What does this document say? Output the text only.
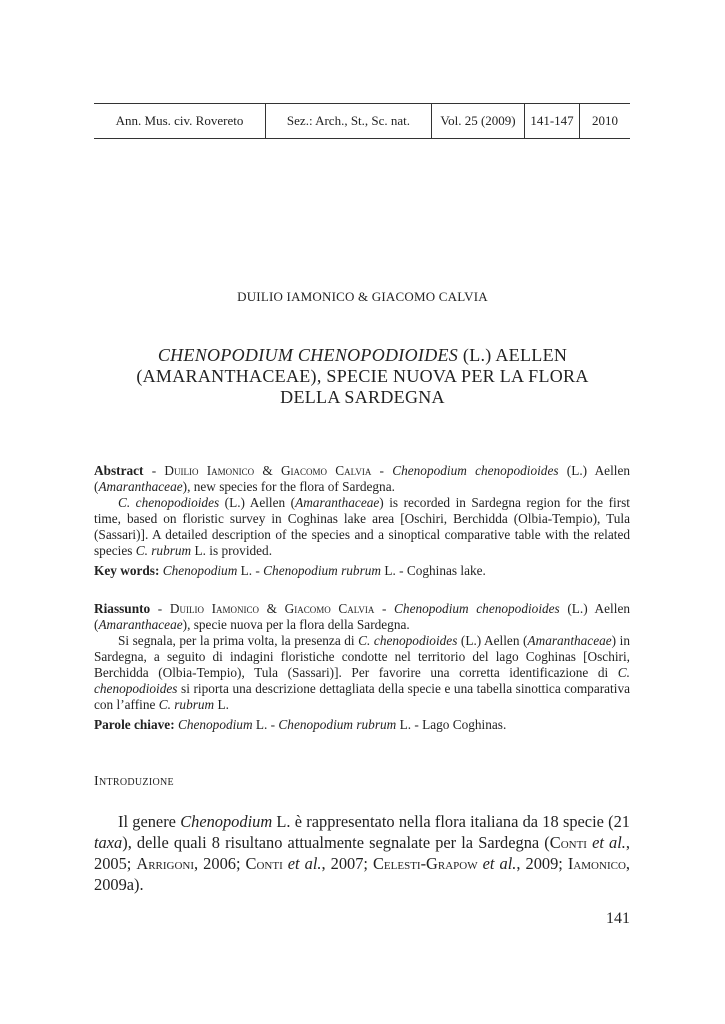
Ann. Mus. civ. Rovereto	Sez.: Arch., St., Sc. nat.	Vol. 25 (2009)	141-147	2010
DUILIO IAMONICO & GIACOMO CALVIA
CHENOPODIUM CHENOPODIOIDES (L.) AELLEN
(AMARANTHACEAE), SPECIE NUOVA PER LA FLORA
DELLA SARDEGNA

Abstract - Duilio Iamonico & Giacomo Calvia - Chenopodium chenopodioides (L.) Aellen (Amaranthaceae), new species for the flora of Sardegna.

C. chenopodioides (L.) Aellen (Amaranthaceae) is recorded in Sardegna region for the first time, based on floristic survey in Coghinas lake area [Oschiri, Berchidda (Olbia-Tempio), Tula (Sassari)]. A detailed description of the species and a sinoptical comparative table with the related species C. rubrum L. is provided.

Key words: Chenopodium L. - Chenopodium rubrum L. - Coghinas lake.

Riassunto - Duilio Iamonico & Giacomo Calvia - Chenopodium chenopodioides (L.) Aellen (Amaranthaceae), specie nuova per la flora della Sardegna.

Si segnala, per la prima volta, la presenza di C. chenopodioides (L.) Aellen (Amaranthaceae) in Sardegna, a seguito di indagini floristiche condotte nel territorio del lago Coghinas [Oschiri, Berchidda (Olbia-Tempio), Tula (Sassari)]. Per favorire una corretta identificazione di C. chenopodioides si riporta una descrizione dettagliata della specie e una tabella sinottica comparativa con l’affine C. rubrum L.

Parole chiave: Chenopodium L. - Chenopodium rubrum L. - Lago Coghinas.

Introduzione

Il genere Chenopodium L. è rappresentato nella flora italiana da 18 specie (21 taxa), delle quali 8 risultano attualmente segnalate per la Sardegna (Conti et al., 2005; Arrigoni, 2006; Conti et al., 2007; Celesti-Grapow et al., 2009; Iamonico, 2009a).

141
